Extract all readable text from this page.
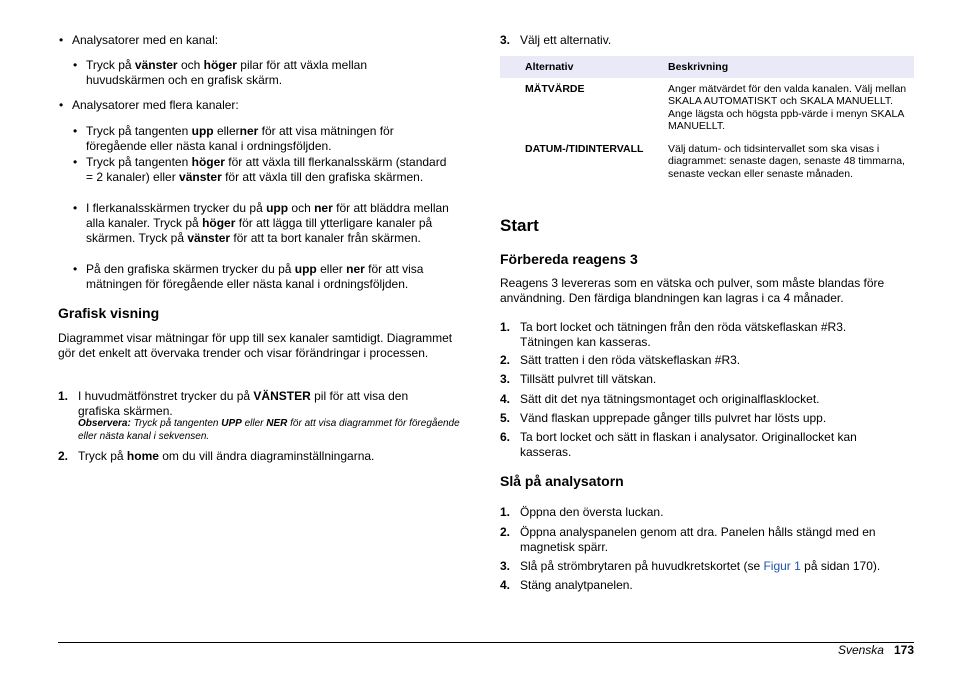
• Analysatorer med en kanal:
• Tryck på vänster och höger pilar för att växla mellan huvudskärmen och en grafisk skärm.
• Analysatorer med flera kanaler:
• Tryck på tangenten upp ellerner för att visa mätningen för föregående eller nästa kanal i ordningsföljden.
• Tryck på tangenten höger för att växla till flerkanalsskärm (standard = 2 kanaler) eller vänster för att växla till den grafiska skärmen.
• I flerkanalsskärmen trycker du på upp och ner för att bläddra mellan alla kanaler. Tryck på höger för att lägga till ytterligare kanaler på skärmen. Tryck på vänster för att ta bort kanaler från skärmen.
• På den grafiska skärmen trycker du på upp eller ner för att visa mätningen för föregående eller nästa kanal i ordningsföljden.
Grafisk visning
Diagrammet visar mätningar för upp till sex kanaler samtidigt. Diagrammet gör det enkelt att övervaka trender och visar förändringar i processen.
1. I huvudmätfönstret trycker du på VÄNSTER pil för att visa den grafiska skärmen.
Observera: Tryck på tangenten UPP eller NER för att visa diagrammet för föregående eller nästa kanal i sekvensen.
2. Tryck på home om du vill ändra diagraminställningarna.
3. Välj ett alternativ.
Alternativ	Beskrivning
MÄTVÄRDE	Anger mätvärdet för den valda kanalen. Välj mellan SKALA AUTOMATISKT och SKALA MANUELLT. Ange lägsta och högsta ppb-värde i menyn SKALA MANUELLT.
DATUM-/TIDINTERVALL	Välj datum- och tidsintervallet som ska visas i diagrammet: senaste dagen, senaste 48 timmarna, senaste veckan eller senaste månaden.
Start
Förbereda reagens 3
Reagens 3 levereras som en vätska och pulver, som måste blandas före användning. Den färdiga blandningen kan lagras i ca 4 månader.
1. Ta bort locket och tätningen från den röda vätskeflaskan #R3. Tätningen kan kasseras.
2. Sätt tratten i den röda vätskeflaskan #R3.
3. Tillsätt pulvret till vätskan.
4. Sätt dit det nya tätningsmontaget och originalflasklocket.
5. Vänd flaskan upprepade gånger tills pulvret har lösts upp.
6. Ta bort locket och sätt in flaskan i analysator. Originallocket kan kasseras.
Slå på analysatorn
1. Öppna den översta luckan.
2. Öppna analyspanelen genom att dra. Panelen hålls stängd med en magnetisk spärr.
3. Slå på strömbrytaren på huvudkretskortet (se Figur 1 på sidan 170).
4. Stäng analytpanelen.
Svenska 173
